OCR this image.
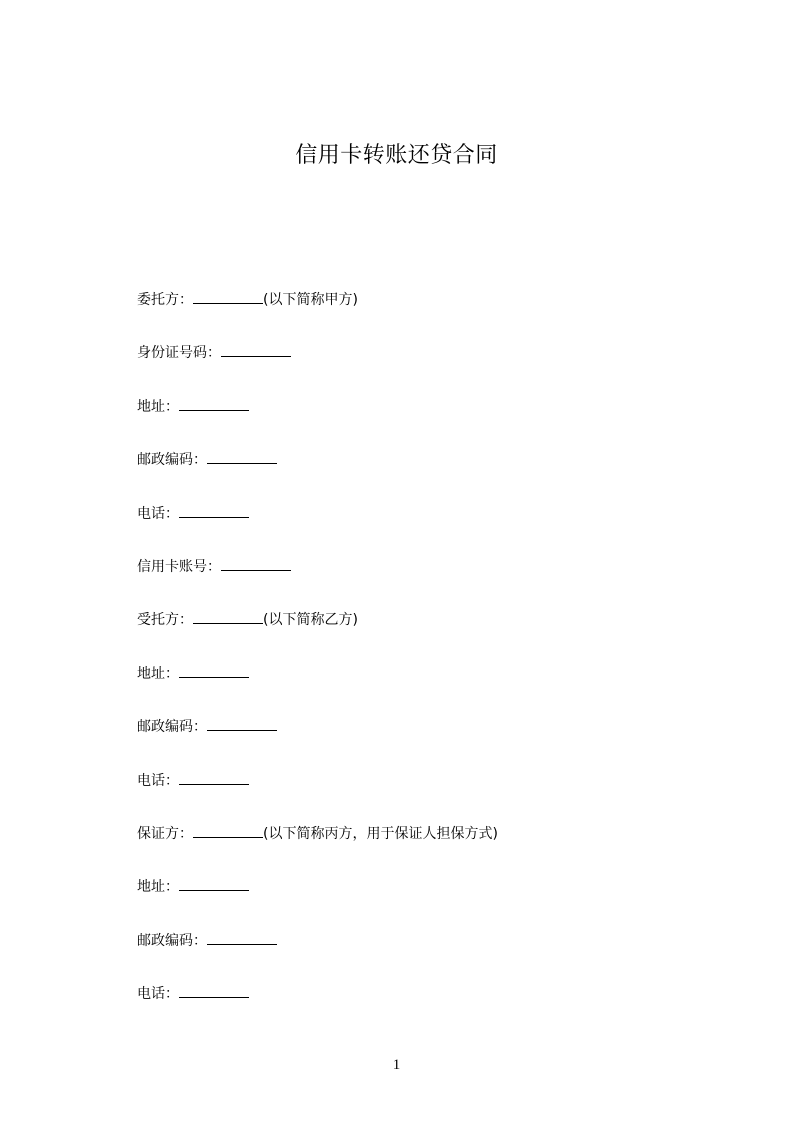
信用卡转账还贷合同
委托方：	(以下简称甲方)
身份证号码：
地址：
邮政编码：
电话：
信用卡账号：
受托方：	(以下简称乙方)
地址：
邮政编码：
电话：
保证方：	(以下简称丙方，用于保证人担保方式)
地址：
邮政编码：
电话：
1
